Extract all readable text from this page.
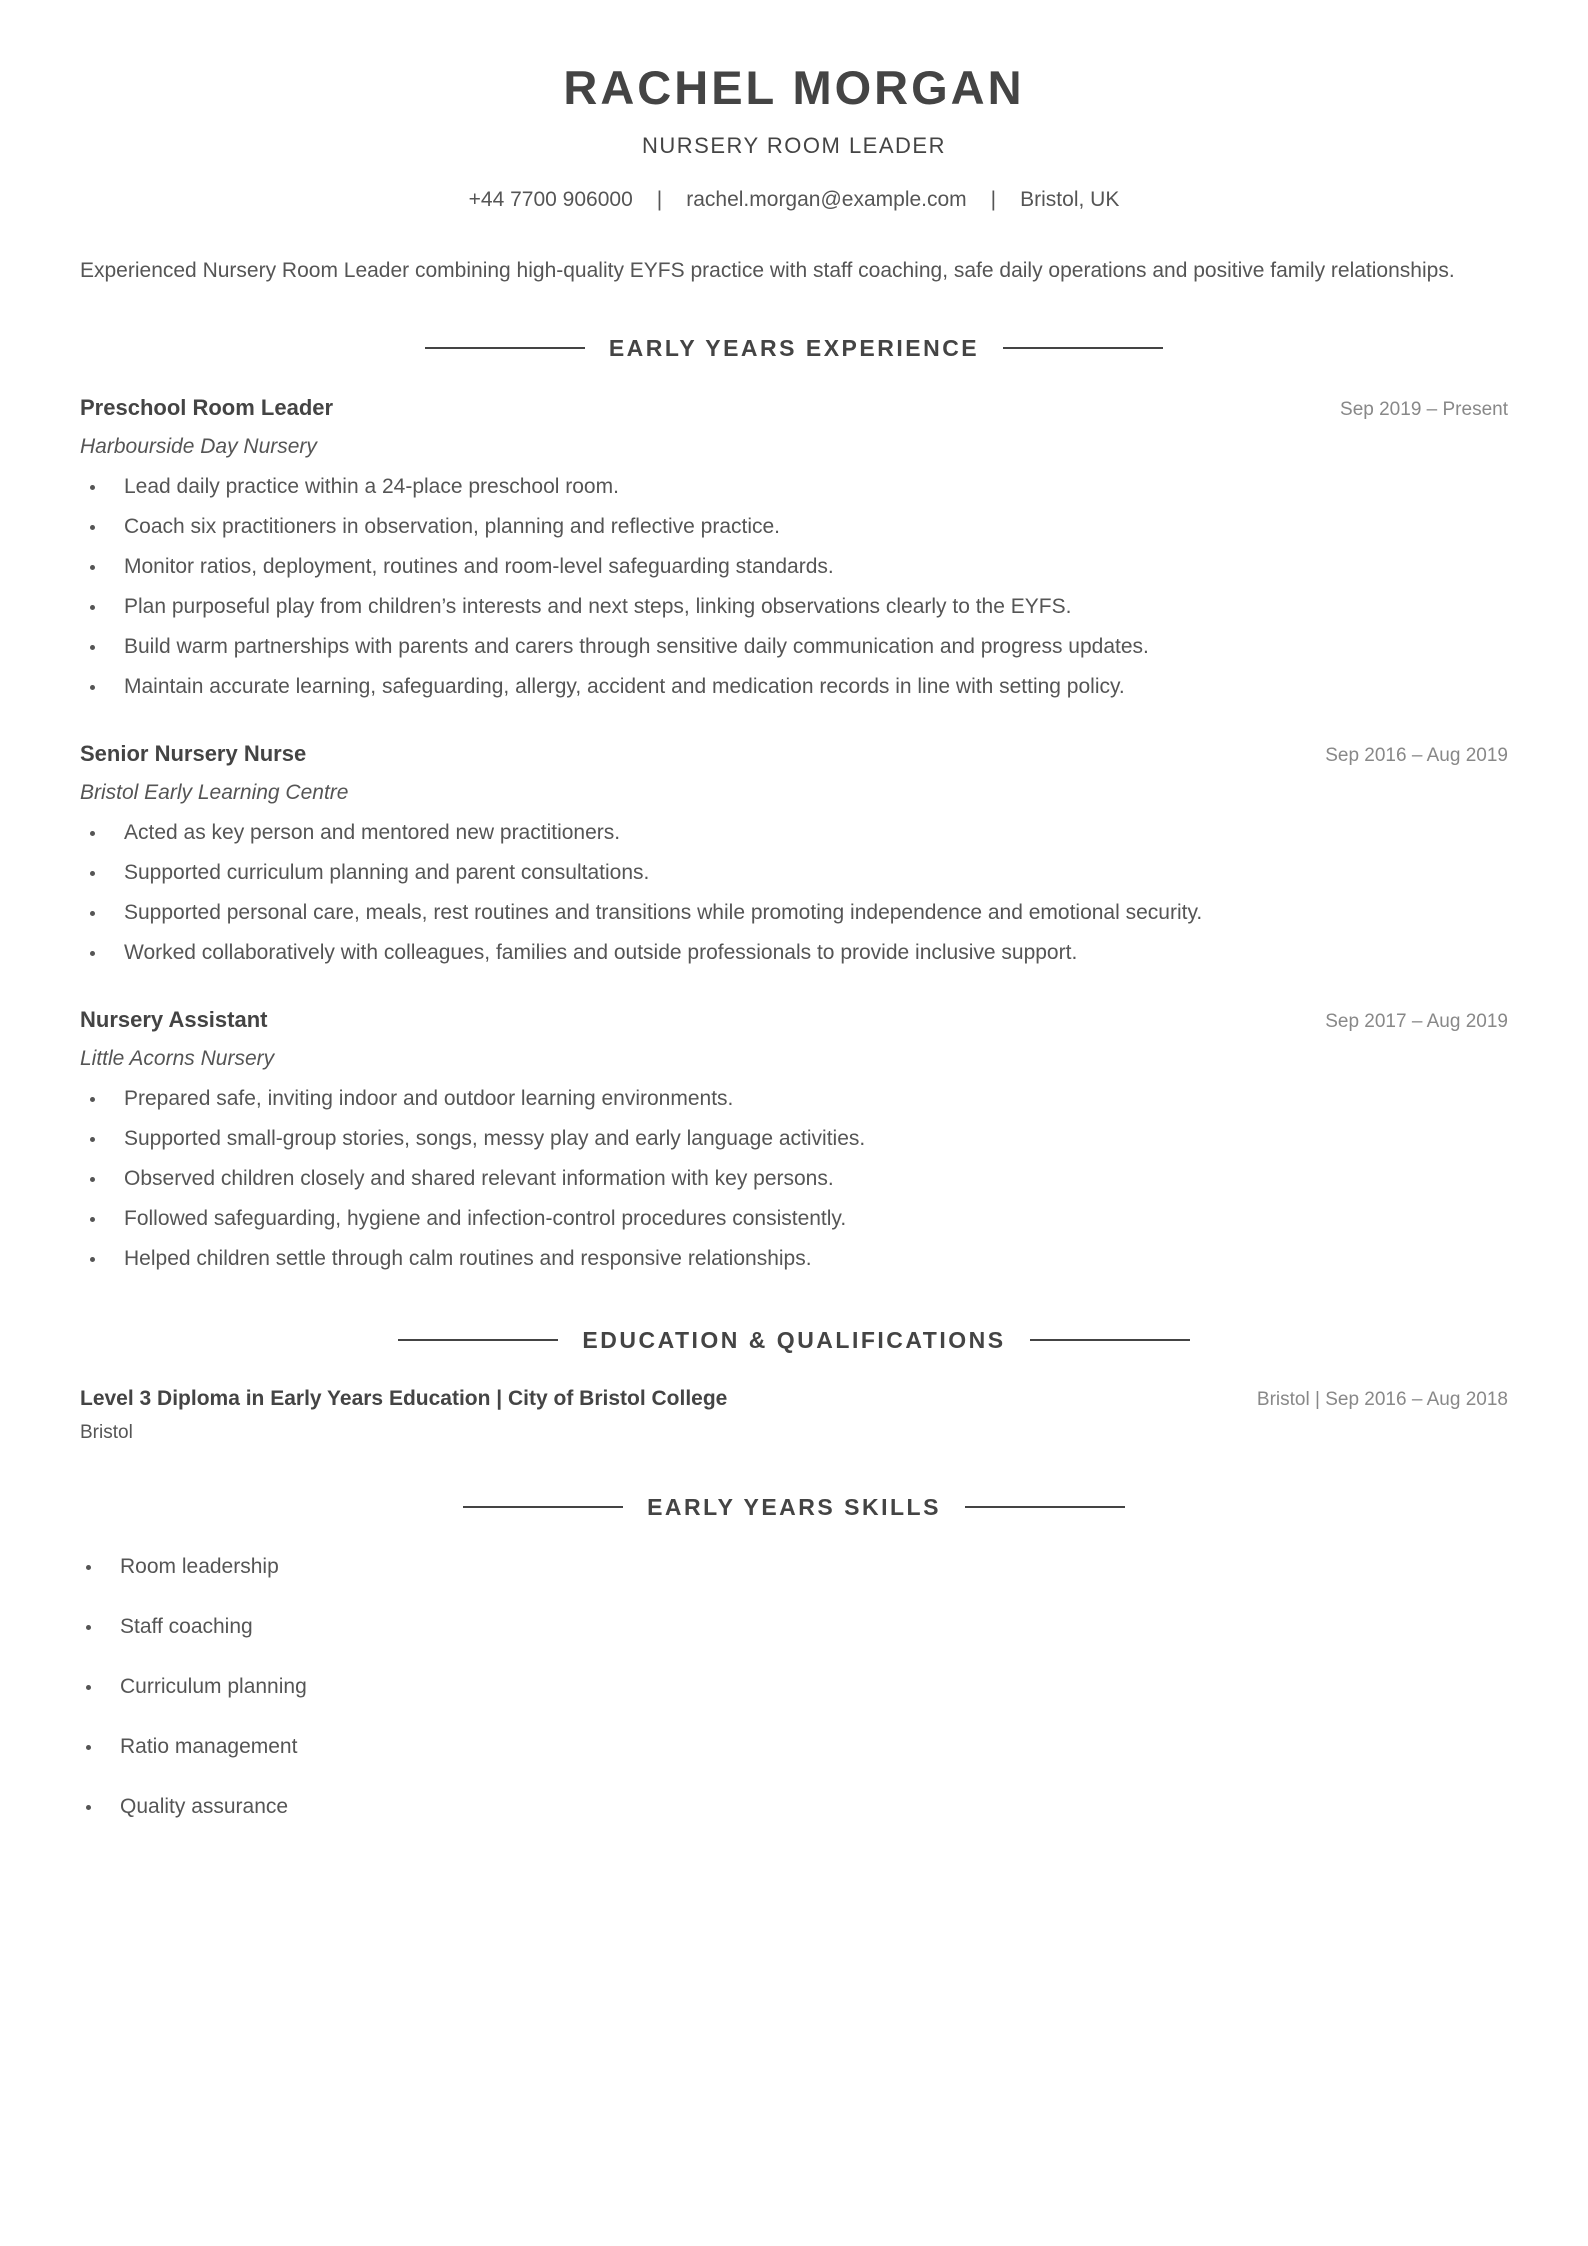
RACHEL MORGAN
NURSERY ROOM LEADER
+44 7700 906000 | rachel.morgan@example.com | Bristol, UK
Experienced Nursery Room Leader combining high-quality EYFS practice with staff coaching, safe daily operations and positive family relationships.
EARLY YEARS EXPERIENCE
Preschool Room Leader	Sep 2019 – Present
Harbourside Day Nursery
Lead daily practice within a 24-place preschool room.
Coach six practitioners in observation, planning and reflective practice.
Monitor ratios, deployment, routines and room-level safeguarding standards.
Plan purposeful play from children’s interests and next steps, linking observations clearly to the EYFS.
Build warm partnerships with parents and carers through sensitive daily communication and progress updates.
Maintain accurate learning, safeguarding, allergy, accident and medication records in line with setting policy.
Senior Nursery Nurse	Sep 2016 – Aug 2019
Bristol Early Learning Centre
Acted as key person and mentored new practitioners.
Supported curriculum planning and parent consultations.
Supported personal care, meals, rest routines and transitions while promoting independence and emotional security.
Worked collaboratively with colleagues, families and outside professionals to provide inclusive support.
Nursery Assistant	Sep 2017 – Aug 2019
Little Acorns Nursery
Prepared safe, inviting indoor and outdoor learning environments.
Supported small-group stories, songs, messy play and early language activities.
Observed children closely and shared relevant information with key persons.
Followed safeguarding, hygiene and infection-control procedures consistently.
Helped children settle through calm routines and responsive relationships.
EDUCATION & QUALIFICATIONS
Level 3 Diploma in Early Years Education | City of Bristol College	Bristol | Sep 2016 – Aug 2018
Bristol
EARLY YEARS SKILLS
Room leadership
Staff coaching
Curriculum planning
Ratio management
Quality assurance
